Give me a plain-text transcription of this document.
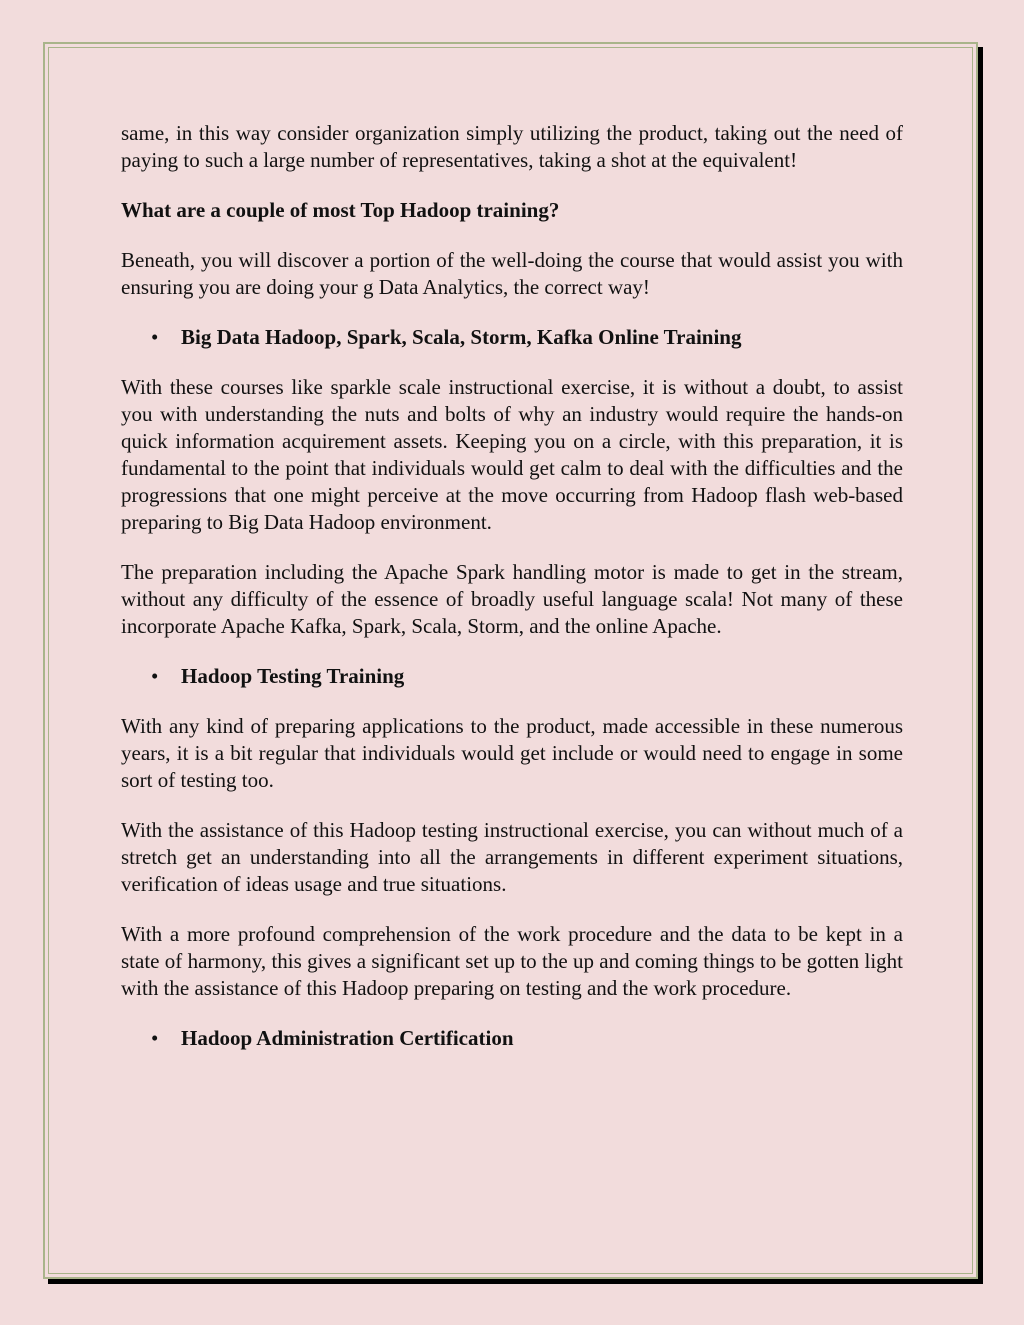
same, in this way consider organization simply utilizing the product, taking out the need of paying to such a large number of representatives, taking a shot at the equivalent!

What are a couple of most Top Hadoop training?

Beneath, you will discover a portion of the well-doing the course that would assist you with ensuring you are doing your g Data Analytics, the correct way!

• Big Data Hadoop, Spark, Scala, Storm, Kafka Online Training

With these courses like sparkle scale instructional exercise, it is without a doubt, to assist you with understanding the nuts and bolts of why an industry would require the hands-on quick information acquirement assets. Keeping you on a circle, with this preparation, it is fundamental to the point that individuals would get calm to deal with the difficulties and the progressions that one might perceive at the move occurring from Hadoop flash web-based preparing to Big Data Hadoop environment.

The preparation including the Apache Spark handling motor is made to get in the stream, without any difficulty of the essence of broadly useful language scala! Not many of these incorporate Apache Kafka, Spark, Scala, Storm, and the online Apache.

• Hadoop Testing Training

With any kind of preparing applications to the product, made accessible in these numerous years, it is a bit regular that individuals would get include or would need to engage in some sort of testing too.

With the assistance of this Hadoop testing instructional exercise, you can without much of a stretch get an understanding into all the arrangements in different experiment situations, verification of ideas usage and true situations.

With a more profound comprehension of the work procedure and the data to be kept in a state of harmony, this gives a significant set up to the up and coming things to be gotten light with the assistance of this Hadoop preparing on testing and the work procedure.

• Hadoop Administration Certification
